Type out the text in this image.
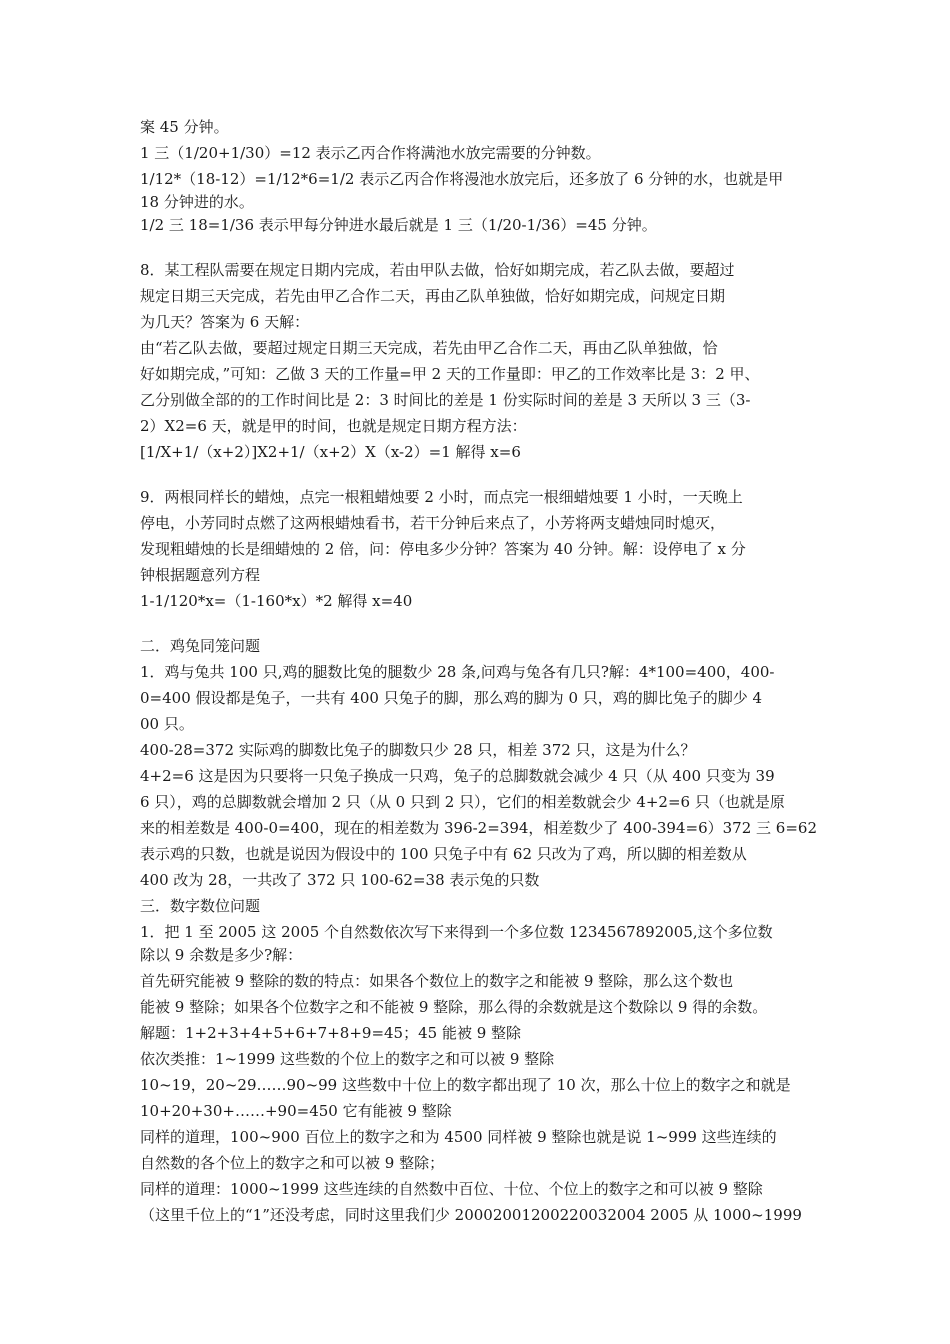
案 45 分钟。
1 三（1/20+1/30）=12 表示乙丙合作将满池水放完需要的分钟数。
1/12*（18-12）=1/12*6=1/2 表示乙丙合作将漫池水放完后，还多放了 6 分钟的水，也就是甲
18 分钟进的水。
1/2 三 18=1/36 表示甲每分钟进水最后就是 1 三（1/20-1/36）=45 分钟。
8．某工程队需要在规定日期内完成，若由甲队去做，恰好如期完成，若乙队去做，要超过
规定日期三天完成，若先由甲乙合作二天，再由乙队单独做，恰好如期完成，问规定日期
为几天？答案为 6 天解：
由“若乙队去做，要超过规定日期三天完成，若先由甲乙合作二天，再由乙队单独做，恰
好如期完成，”可知：乙做 3 天的工作量=甲 2 天的工作量即：甲乙的工作效率比是 3：2 甲、
乙分别做全部的的工作时间比是 2：3 时间比的差是 1 份实际时间的差是 3 天所以 3 三（3-
2）X2=6 天，就是甲的时间，也就是规定日期方程方法：
[1/X+1/（x+2）]X2+1/（x+2）X（x-2）=1 解得 x=6
9．两根同样长的蜡烛，点完一根粗蜡烛要 2 小时，而点完一根细蜡烛要 1 小时，一天晚上
停电，小芳同时点燃了这两根蜡烛看书，若干分钟后来点了，小芳将两支蜡烛同时熄灭，
发现粗蜡烛的长是细蜡烛的 2 倍，问：停电多少分钟？答案为 40 分钟。解：设停电了 x 分
钟根据题意列方程
1-1/120*x=（1-160*x）*2 解得 x=40
二．鸡兔同笼问题
1．鸡与兔共 100 只,鸡的腿数比兔的腿数少 28 条,问鸡与兔各有几只?解：4*100=400，400-
0=400 假设都是兔子，一共有 400 只兔子的脚，那么鸡的脚为 0 只，鸡的脚比兔子的脚少 4
00 只。
400-28=372 实际鸡的脚数比兔子的脚数只少 28 只，相差 372 只，这是为什么？
4+2=6 这是因为只要将一只兔子换成一只鸡，兔子的总脚数就会减少 4 只（从 400 只变为 39
6 只），鸡的总脚数就会增加 2 只（从 0 只到 2 只），它们的相差数就会少 4+2=6 只（也就是原
来的相差数是 400-0=400，现在的相差数为 396-2=394，相差数少了 400-394=6）372 三 6=62
表示鸡的只数，也就是说因为假设中的 100 只兔子中有 62 只改为了鸡，所以脚的相差数从
400 改为 28，一共改了 372 只 100-62=38 表示兔的只数
三．数字数位问题
1．把 1 至 2005 这 2005 个自然数依次写下来得到一个多位数 1234567892005,这个多位数
除以 9 余数是多少?解：
首先研究能被 9 整除的数的特点：如果各个数位上的数字之和能被 9 整除，那么这个数也
能被 9 整除；如果各个位数字之和不能被 9 整除，那么得的余数就是这个数除以 9 得的余数。
解题：1+2+3+4+5+6+7+8+9=45；45 能被 9 整除
依次类推：1~1999 这些数的个位上的数字之和可以被 9 整除
10~19，20~29……90~99 这些数中十位上的数字都出现了 10 次，那么十位上的数字之和就是
10+20+30+……+90=450 它有能被 9 整除
同样的道理，100~900 百位上的数字之和为 4500 同样被 9 整除也就是说 1~999 这些连续的
自然数的各个位上的数字之和可以被 9 整除；
同样的道理：1000~1999 这些连续的自然数中百位、十位、个位上的数字之和可以被 9 整除
（这里千位上的“1”还没考虑，同时这里我们少 20002001200220032004 2005 从 1000~1999
